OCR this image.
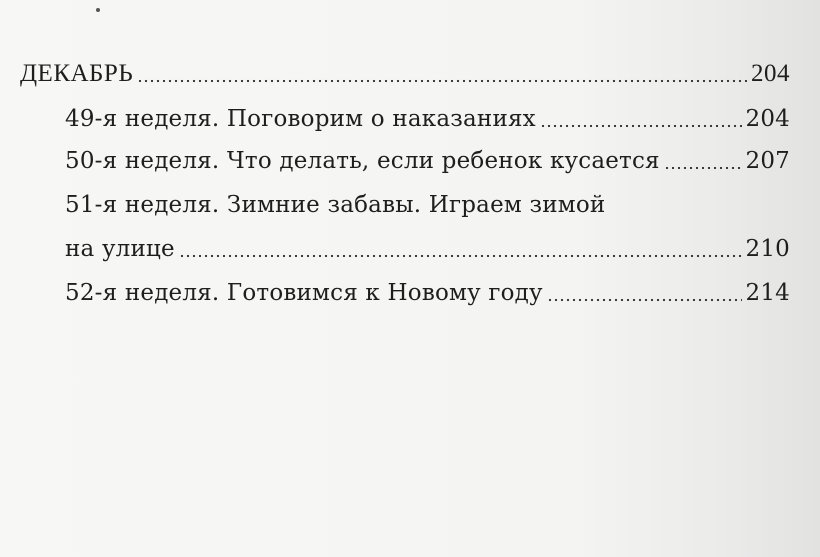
ДЕКАБРЬ	204
49-я неделя. Поговорим о наказаниях	204
50-я неделя. Что делать, если ребенок кусается	207
51-я неделя. Зимние забавы. Играем зимой
на улице	210
52-я неделя. Готовимся к Новому году	214
